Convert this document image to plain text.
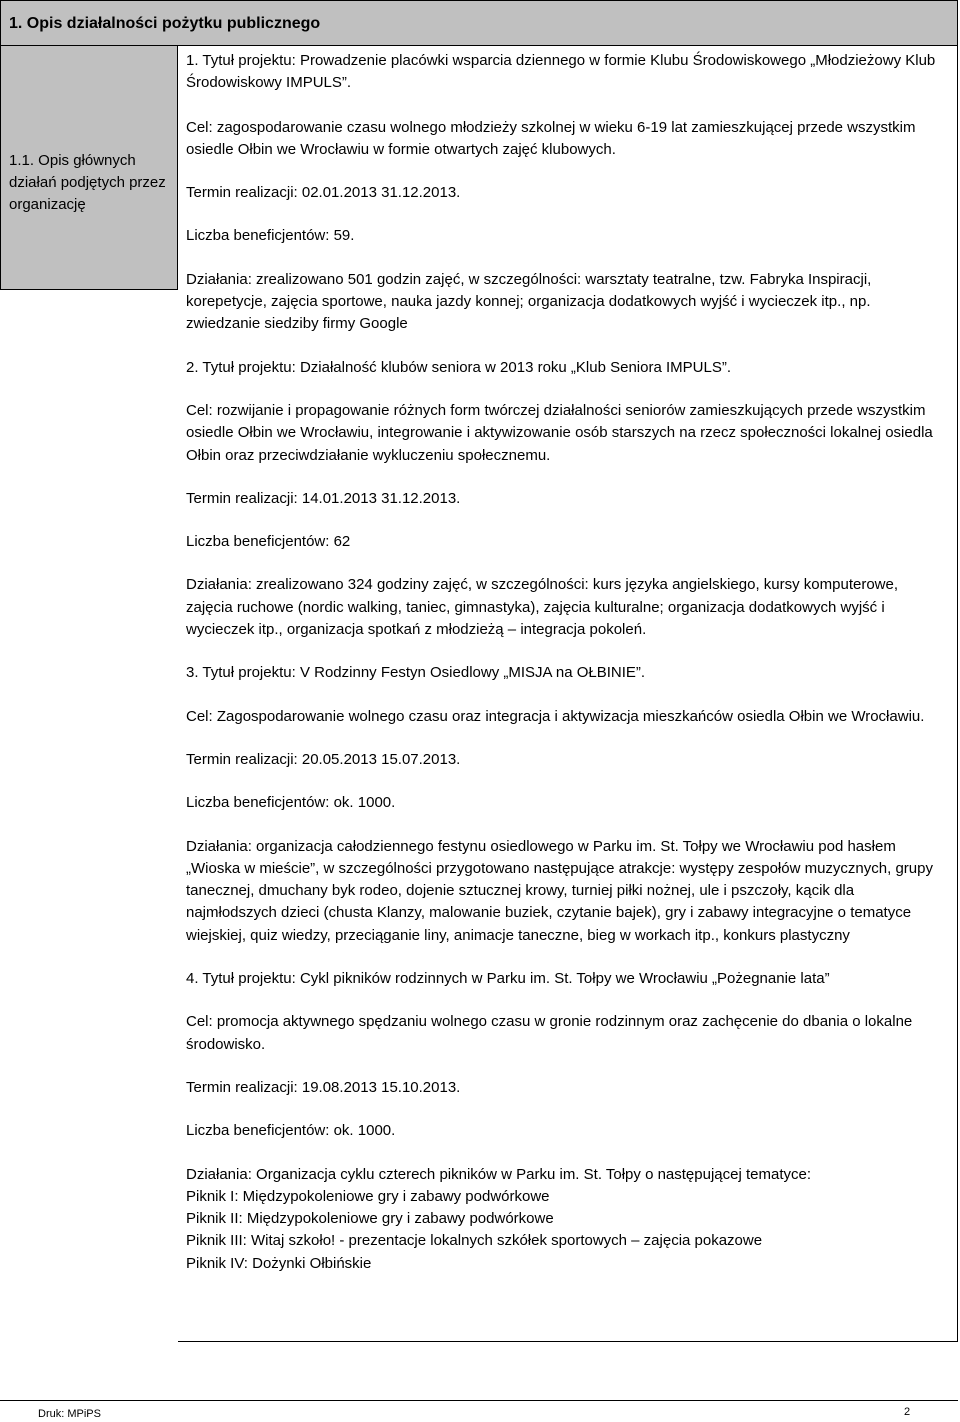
1. Opis działalności pożytku publicznego
1.1. Opis głównych działań podjętych przez organizację

1. Tytuł projektu: Prowadzenie placówki wsparcia dziennego w formie Klubu Środowiskowego „Młodzieżowy Klub Środowiskowy IMPULS”.

Cel: zagospodarowanie czasu wolnego młodzieży szkolnej w wieku 6-19 lat zamieszkującej przede wszystkim osiedle Ołbin we Wrocławiu w formie otwartych zajęć klubowych.

Termin realizacji: 02.01.2013 31.12.2013.

Liczba beneficjentów: 59.

Działania: zrealizowano 501 godzin zajęć, w szczególności: warsztaty teatralne, tzw. Fabryka Inspiracji, korepetycje, zajęcia sportowe, nauka jazdy konnej; organizacja dodatkowych wyjść i wycieczek itp., np. zwiedzanie siedziby firmy Google

2. Tytuł projektu: Działalność klubów seniora w 2013 roku „Klub Seniora IMPULS”.

Cel: rozwijanie i propagowanie różnych form twórczej działalności seniorów zamieszkujących przede wszystkim osiedle Ołbin we Wrocławiu, integrowanie i aktywizowanie osób starszych na rzecz społeczności lokalnej osiedla Ołbin oraz przeciwdziałanie wykluczeniu społecznemu.

Termin realizacji: 14.01.2013 31.12.2013.

Liczba beneficjentów: 62

Działania: zrealizowano 324 godziny zajęć, w szczególności: kurs języka angielskiego, kursy komputerowe, zajęcia ruchowe (nordic walking, taniec, gimnastyka), zajęcia kulturalne; organizacja dodatkowych wyjść i wycieczek itp., organizacja spotkań z młodzieżą – integracja pokoleń.

3. Tytuł projektu: V Rodzinny Festyn Osiedlowy „MISJA na OŁBINIE”.

Cel: Zagospodarowanie wolnego czasu oraz integracja i aktywizacja mieszkańców osiedla Ołbin we Wrocławiu.

Termin realizacji: 20.05.2013 15.07.2013.

Liczba beneficjentów: ok. 1000.

Działania: organizacja całodziennego festynu osiedlowego w Parku im. St. Tołpy we Wrocławiu pod hasłem „Wioska w mieście”, w szczególności przygotowano następujące atrakcje: występy zespołów muzycznych, grupy tanecznej, dmuchany byk rodeo, dojenie sztucznej krowy, turniej piłki nożnej, ule i pszczoły, kącik dla najmłodszych dzieci (chusta Klanzy, malowanie buziek, czytanie bajek), gry i zabawy integracyjne o tematyce wiejskiej, quiz wiedzy, przeciąganie liny, animacje taneczne, bieg w workach itp., konkurs plastyczny

4. Tytuł projektu: Cykl pikników rodzinnych w Parku im. St. Tołpy we Wrocławiu „Pożegnanie lata”

Cel: promocja aktywnego spędzaniu wolnego czasu w gronie rodzinnym oraz zachęcenie do dbania o lokalne środowisko.

Termin realizacji: 19.08.2013 15.10.2013.

Liczba beneficjentów: ok. 1000.

Działania: Organizacja cyklu czterech pikników w Parku im. St. Tołpy o następującej tematyce:

Piknik I: Międzypokoleniowe gry i zabawy podwórkowe

Piknik II: Międzypokoleniowe gry i zabawy podwórkowe

Piknik III: Witaj szkoło! - prezentacje lokalnych szkółek sportowych – zajęcia pokazowe

Piknik IV: Dożynki Ołbińskie

Druk: MPiPS	2
